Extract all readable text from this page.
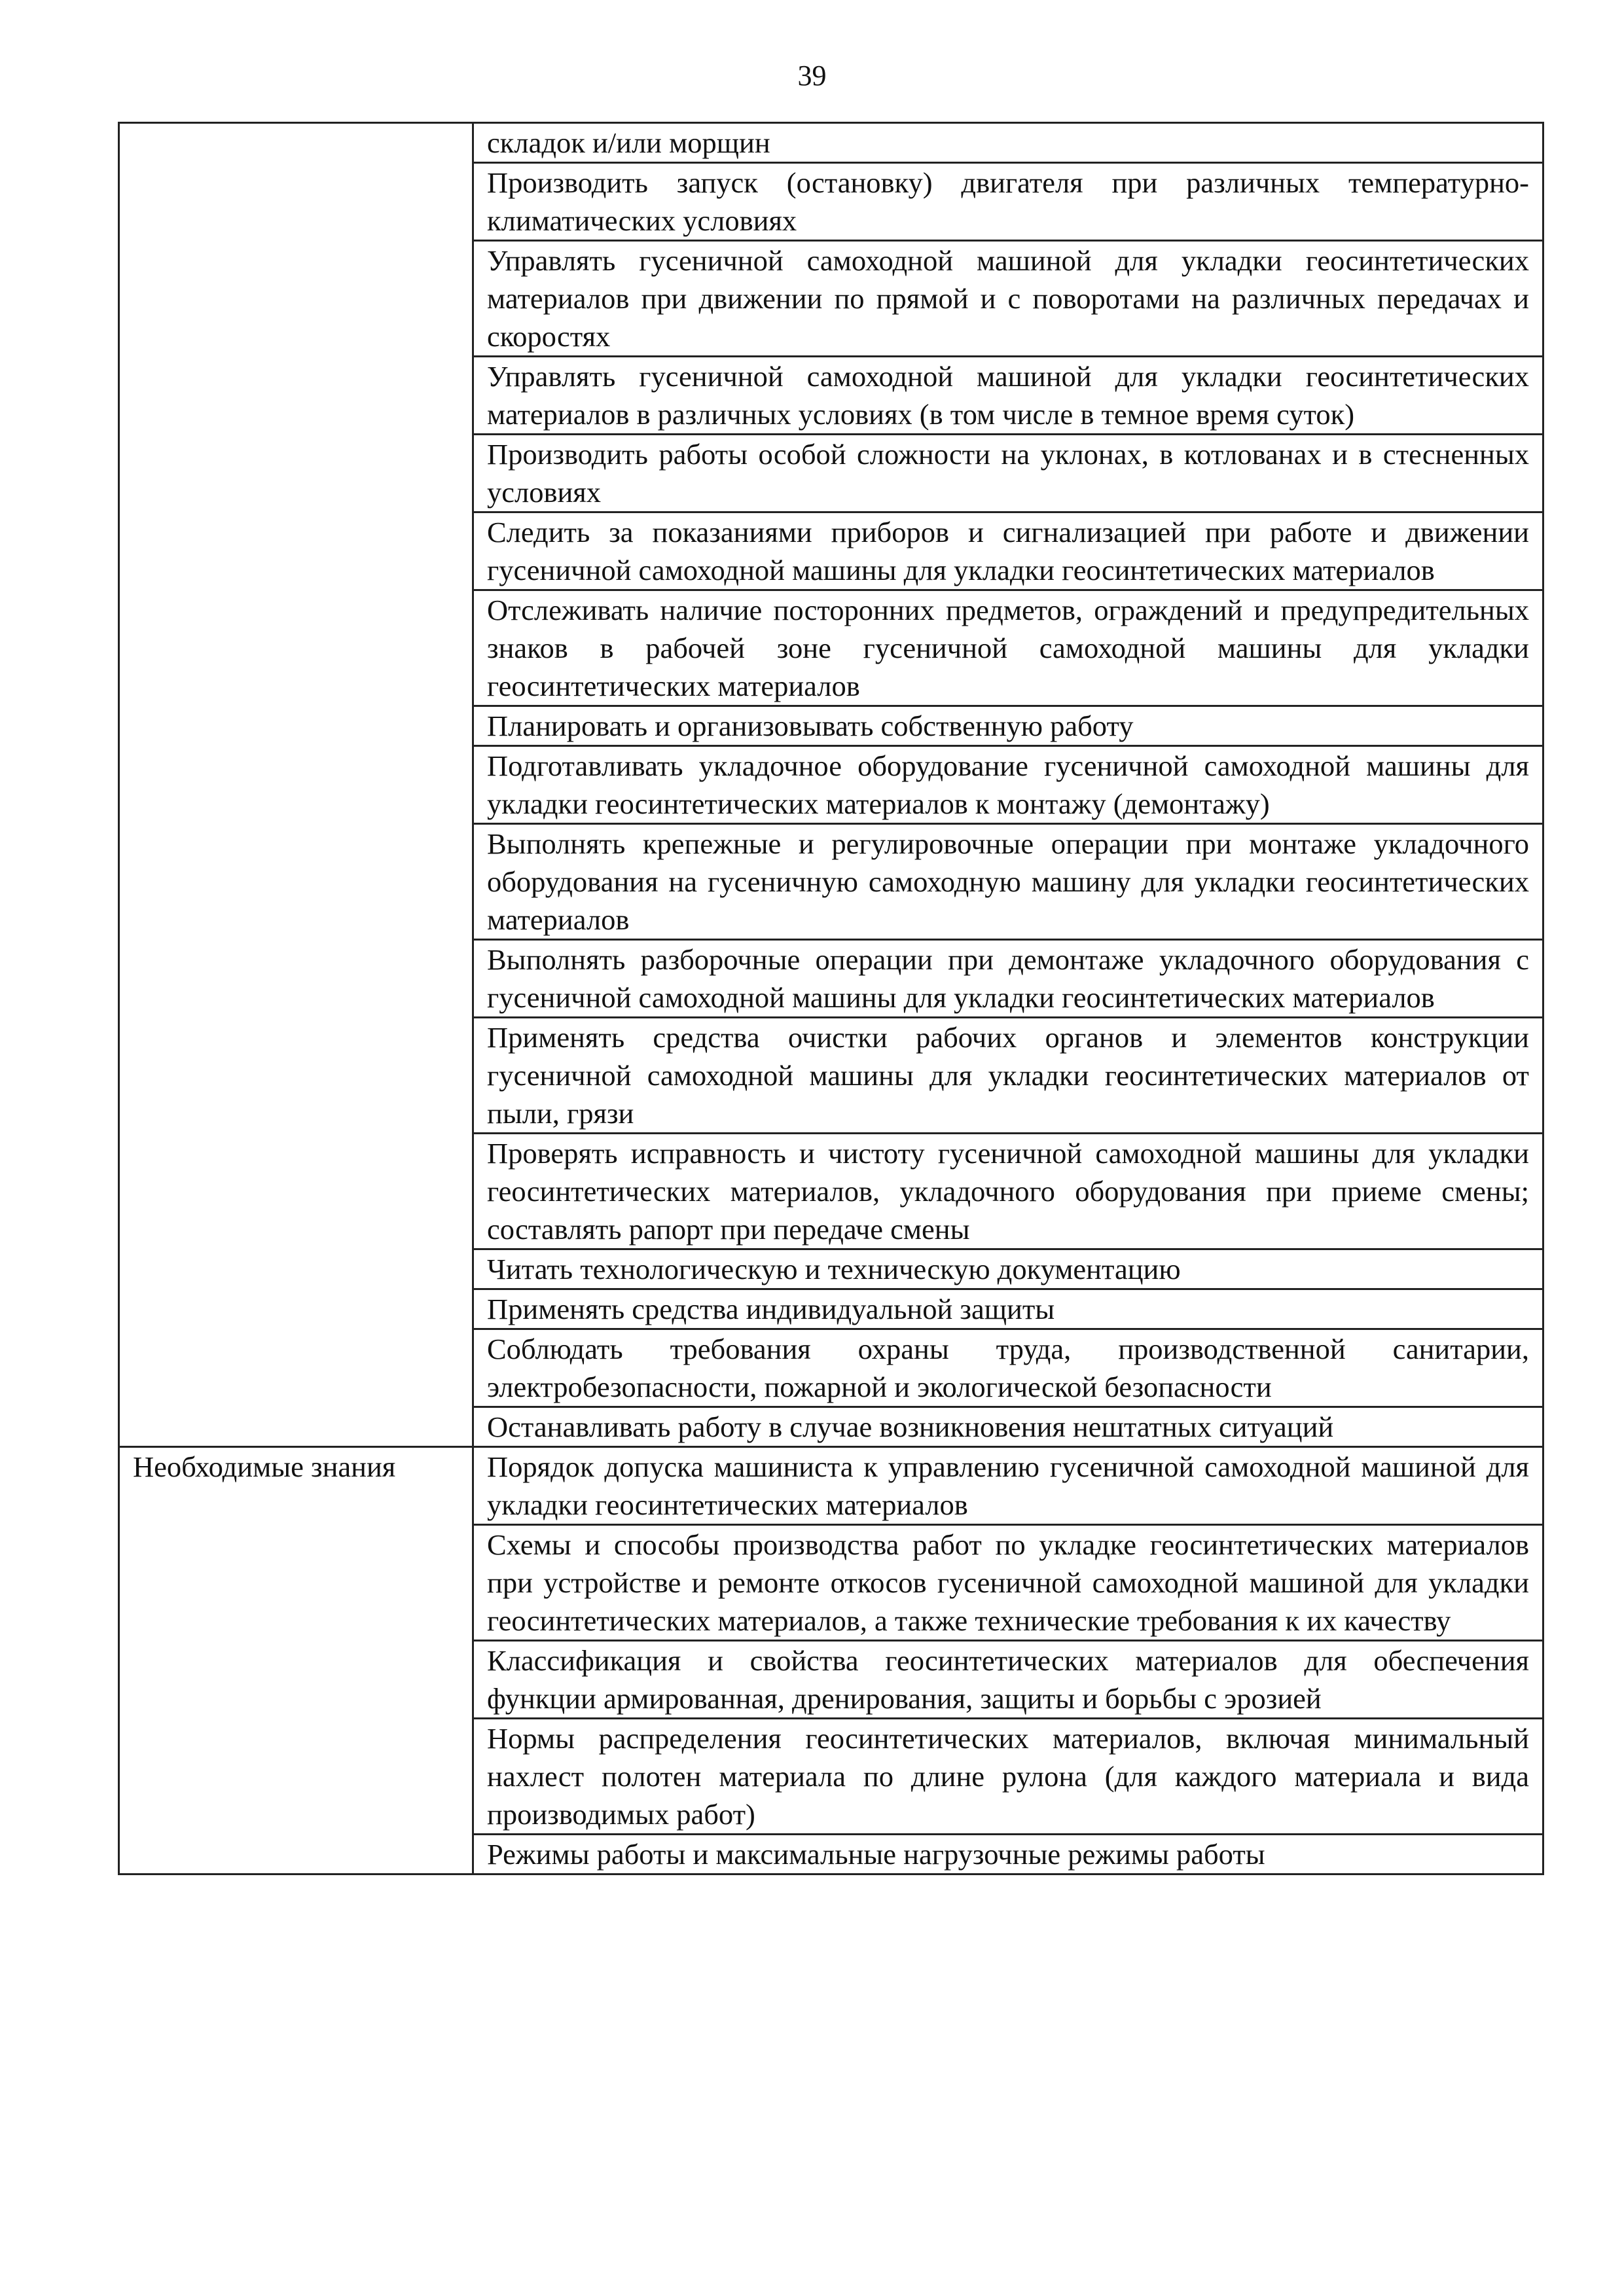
39

	складок и/или морщин

	Производить запуск (остановку) двигателя при различных температурно-климатических условиях

	Управлять гусеничной самоходной машиной для укладки геосинтетических материалов при движении по прямой и с поворотами на различных передачах и скоростях

	Управлять гусеничной самоходной машиной для укладки геосинтетических материалов в различных условиях (в том числе в темное время суток)

	Производить работы особой сложности на уклонах, в котлованах и в стесненных условиях

	Следить за показаниями приборов и сигнализацией при работе и движении гусеничной самоходной машины для укладки геосинтетических материалов

	Отслеживать наличие посторонних предметов, ограждений и предупредительных знаков в рабочей зоне гусеничной самоходной машины для укладки геосинтетических материалов

	Планировать и организовывать собственную работу

	Подготавливать укладочное оборудование гусеничной самоходной машины для укладки геосинтетических материалов к монтажу (демонтажу)

	Выполнять крепежные и регулировочные операции при монтаже укладочного оборудования на гусеничную самоходную машину для укладки геосинтетических материалов

	Выполнять разборочные операции при демонтаже укладочного оборудования с гусеничной самоходной машины для укладки геосинтетических материалов

	Применять средства очистки рабочих органов и элементов конструкции гусеничной самоходной машины для укладки геосинтетических материалов от пыли, грязи

	Проверять исправность и чистоту гусеничной самоходной машины для укладки геосинтетических материалов, укладочного оборудования при приеме смены; составлять рапорт при передаче смены

	Читать технологическую и техническую документацию

	Применять средства индивидуальной защиты

	Соблюдать требования охраны труда, производственной санитарии, электробезопасности, пожарной и экологической безопасности

	Останавливать работу в случае возникновения нештатных ситуаций

Необходимые знания	Порядок допуска машиниста к управлению гусеничной самоходной машиной для укладки геосинтетических материалов

	Схемы и способы производства работ по укладке геосинтетических материалов при устройстве и ремонте откосов гусеничной самоходной машиной для укладки геосинтетических материалов, а также технические требования к их качеству

	Классификация и свойства геосинтетических материалов для обеспечения функции армированная, дренирования, защиты и борьбы с эрозией

	Нормы распределения геосинтетических материалов, включая минимальный нахлест полотен материала по длине рулона (для каждого материала и вида производимых работ)

	Режимы работы и максимальные нагрузочные режимы работы
